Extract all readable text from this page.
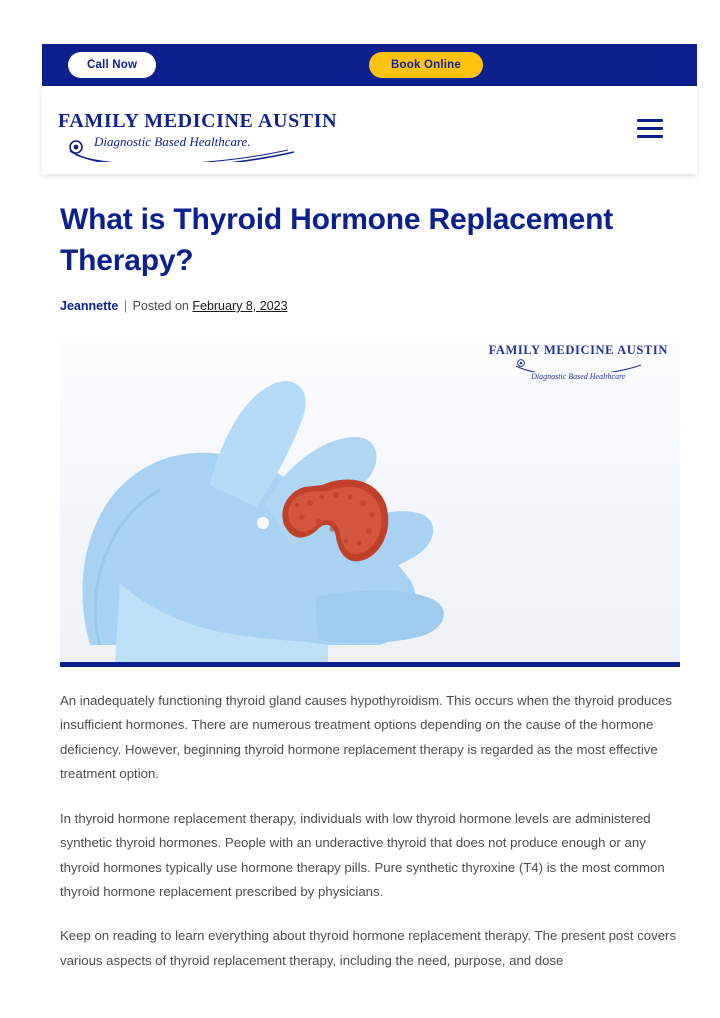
Call Now	Book Online
FAMILY MEDICINE AUSTIN
Diagnostic Based Healthcare.
What is Thyroid Hormone Replacement Therapy?
Jeannette | Posted on February 8, 2023
FAMILY MEDICINE AUSTIN
Diagnostic Based Healthcare

An inadequately functioning thyroid gland causes hypothyroidism. This occurs when the thyroid produces insufficient hormones. There are numerous treatment options depending on the cause of the hormone deficiency. However, beginning thyroid hormone replacement therapy is regarded as the most effective treatment option.

In thyroid hormone replacement therapy, individuals with low thyroid hormone levels are administered synthetic thyroid hormones. People with an underactive thyroid that does not produce enough or any thyroid hormones typically use hormone therapy pills. Pure synthetic thyroxine (T4) is the most common thyroid hormone replacement prescribed by physicians.

Keep on reading to learn everything about thyroid hormone replacement therapy. The present post covers various aspects of thyroid replacement therapy, including the need, purpose, and dose
